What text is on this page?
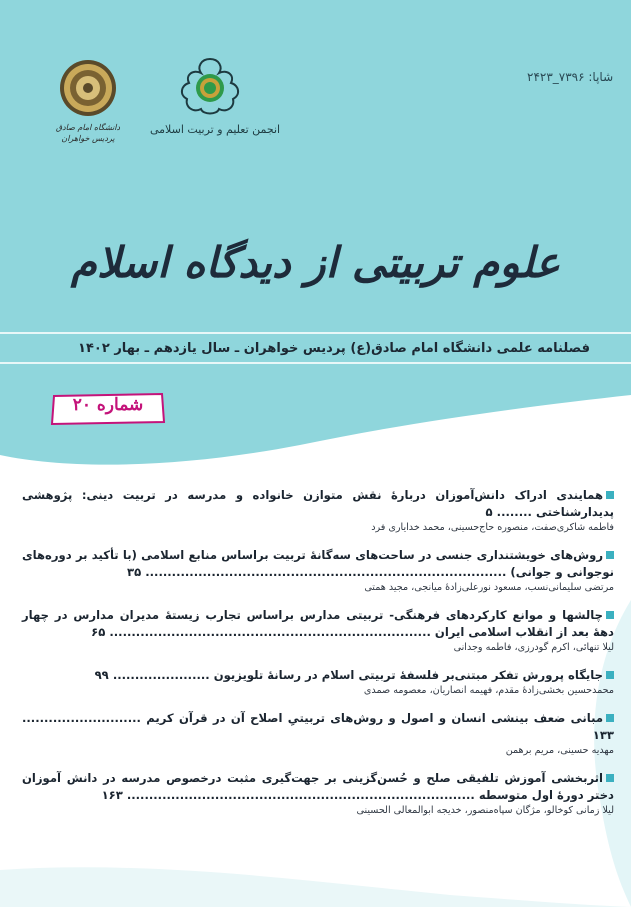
شاپا: ۷۳۹۶_۲۴۲۳
انجمن تعلیم و تربیت اسلامی
دانشگاه امام صادق
پردیس خواهران
علوم تربیتی از دیدگاه اسلام
فصلنامه علمی دانشگاه امام صادق(ع) پردیس خواهران ـ سال یازدهم ـ بهار ۱۴۰۲
شماره ۲۰
همایندی ادراک دانش‌آموزان دربارۀ نقش متوازن خانواده و مدرسه در تربیت دینی: پژوهشی پدیدارشناختی ........ ۵
فاطمه شاکری‌صفت، منصوره حاج‌حسینی، محمد خدایاری فرد
روش‌های خویشتنداری جنسی در ساحت‌های سه‌گانۀ تربیت براساس منابع اسلامی (با تأکید بر دوره‌های نوجوانی و جوانی) .................................................................................. ۳۵
مرتضی سلیمانی‌نسب، مسعود نورعلی‌زادۀ میانجی، مجید همتی
چالشها و موانع کارکردهای فرهنگی- تربیتی مدارس براساس تجارب زیستۀ مدیران مدارس در چهار دهۀ بعد از انقلاب اسلامی ایران ......................................................................... ۶۵
لیلا تنهائی، اکرم گودرزی، فاطمه وجدانی
جایگاه پرورش تفکر مبتنی‌بر فلسفۀ تربیتی اسلام در رسانۀ تلویزیون ...................... ۹۹
محمدحسین بخشی‌زادۀ مقدم، فهیمه انصاریان، معصومه صمدی
مبانی ضعف بینشی انسان و اصول و روش‌های تربیتیِ اصلاح آن در قرآن کریم ........................... ۱۳۳
مهدیه حسینی، مریم برهمن
اثربخشی آموزش تلفیقی صلح و حُسن‌گزینی بر جهت‌گیری مثبت درخصوص مدرسه در دانش آموزان دختر دورۀ اول متوسطه ............................................................................... ۱۶۳
لیلا زمانی کوخالو، مژگان سپاه‌منصور، خدیجه ابوالمعالی الحسینی
